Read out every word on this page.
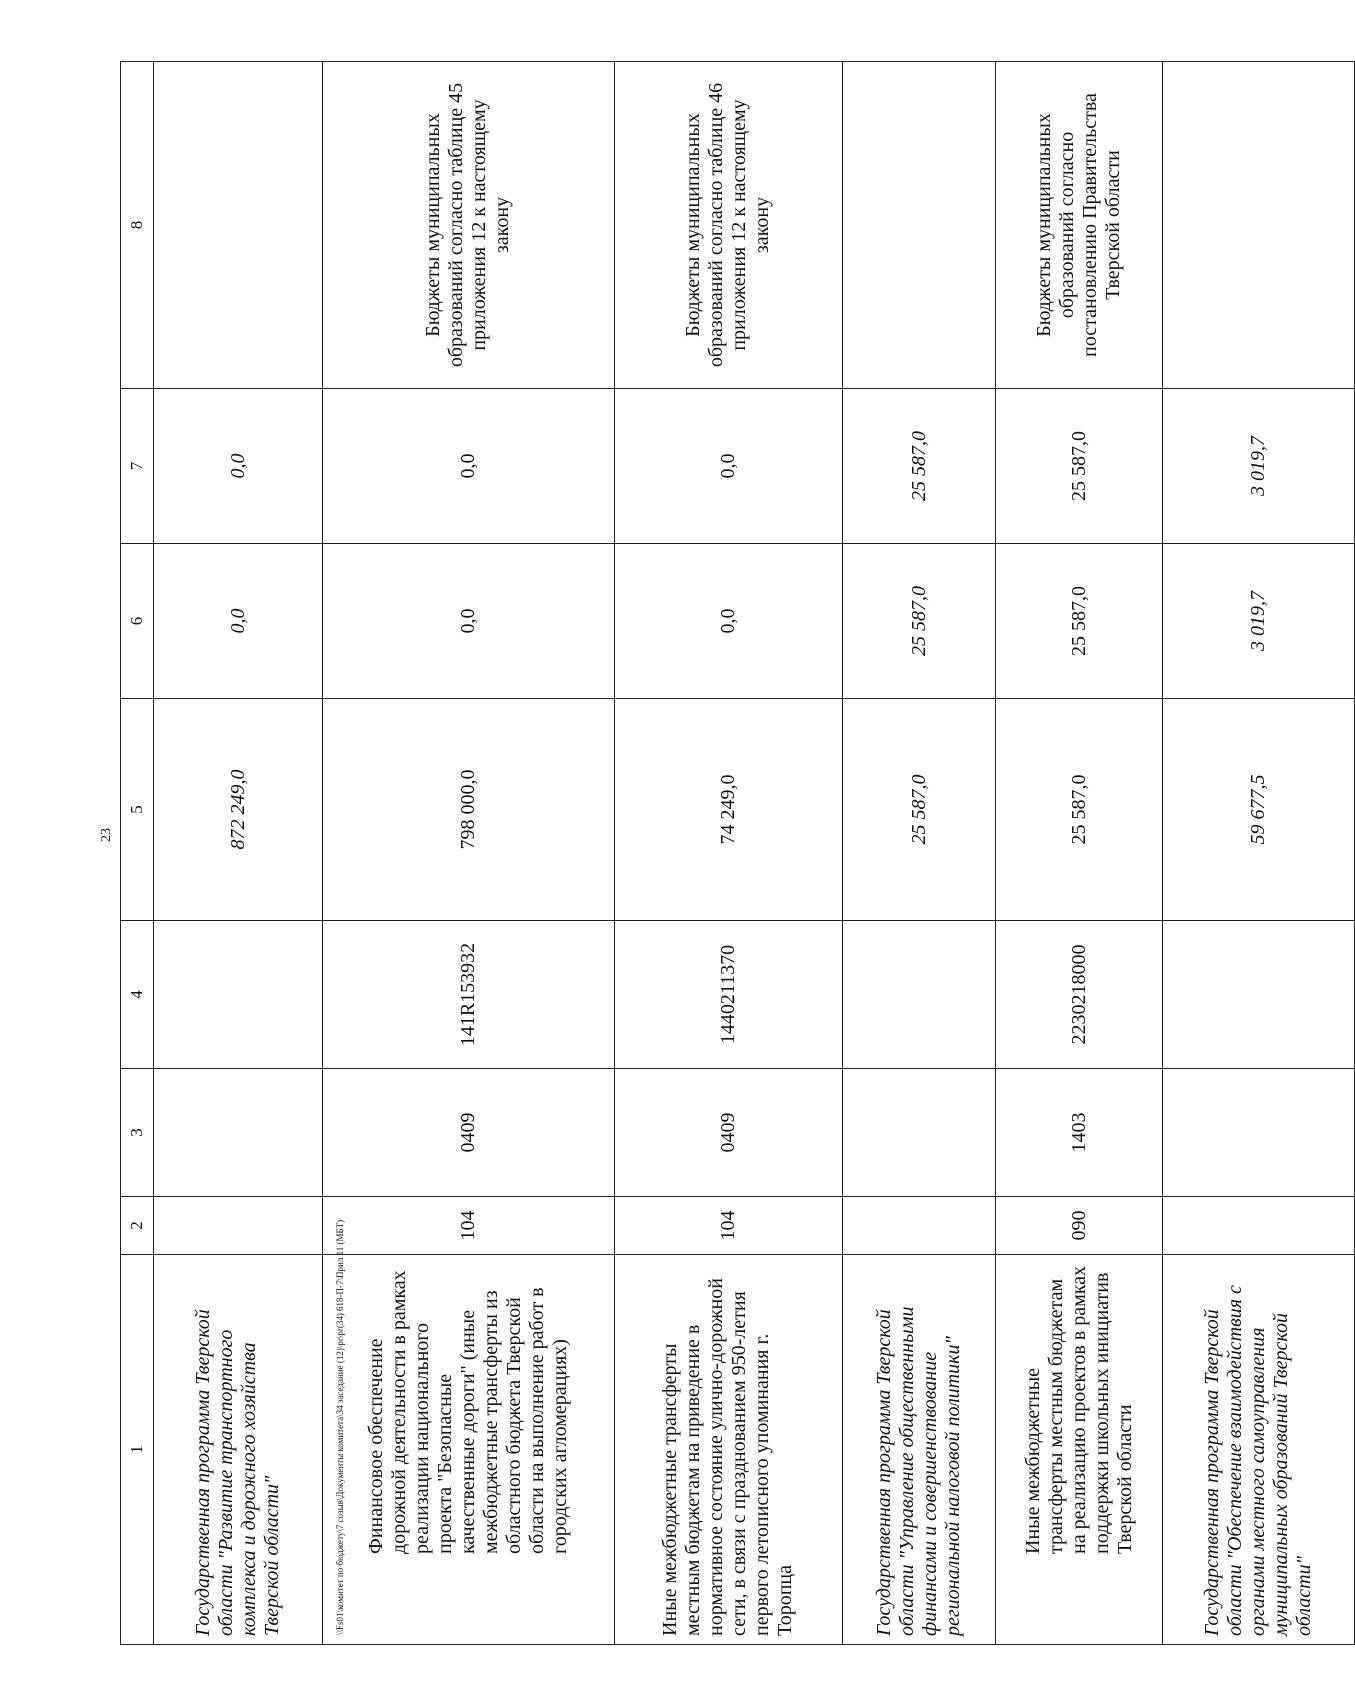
23
1	2	3	4	5	6	7	8
Государственная программа Тверской области "Развитие транспортного комплекса и дорожного хозяйства Тверской области"				872 249,0	0,0	0,0	
Финансовое обеспечение дорожной деятельности в рамках реализации национального проекта "Безопасные качественные дороги" (иные межбюджетные трансферты из областного бюджета Тверской области на выполнение работ в городских агломерациях)	104	0409	141R153932	798 000,0	0,0	0,0	Бюджеты муниципальных образований согласно таблице 45 приложения 12 к настоящему закону
Иные межбюджетные трансферты местным бюджетам на приведение в нормативное состояние улично-дорожной сети, в связи с празднованием 950-летия первого летописного упоминания г. Торопца	104	0409	1440211370	74 249,0	0,0	0,0	Бюджеты муниципальных образований согласно таблице 46 приложения 12 к настоящему закону
Государственная программа Тверской области "Управление общественными финансами и совершенствование региональной налоговой политики"				25 587,0	25 587,0	25 587,0	
Иные межбюджетные трансферты местным бюджетам на реализацию проектов в рамках поддержки школьных инициатив Тверской области	090	1403	2230218000	25 587,0	25 587,0	25 587,0	Бюджеты муниципальных образований согласно постановлению Правительства Тверской области
Государственная программа Тверской области "Обеспечение взаимодействия с органами местного самоуправления муниципальных образований Тверской области"				59 677,5	3 019,7	3 019,7	
\\Fs01\комитет по бюджету\7 созыв\Документы комитета\34 заседание (12)\pr\pr(34) 618-П-7\Прил 11 (МБТ)
